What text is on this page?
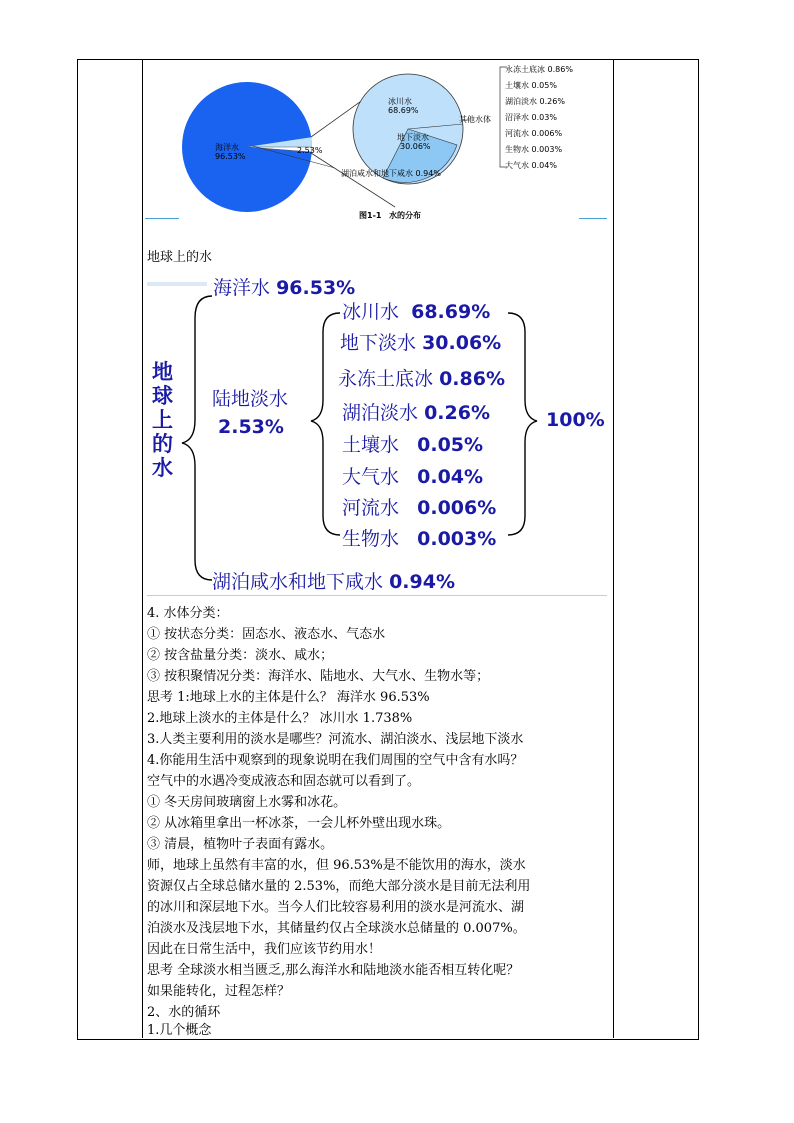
海洋水
96.53%
2.53%
湖泊咸水和地下咸水 0.94%
冰川水
68.69%
地下淡水
30.06%
其他水体
永冻土底冰 0.86%
土壤水 0.05%
湖泊淡水 0.26%
沼泽水 0.03%
河流水 0.006%
生物水 0.003%
大气水 0.04%
图1-1 水的分布
地球上的水
地
球
上
的
水
海洋水 96.53%
陆地淡水
2.53%
冰川水 68.69%
地下淡水 30.06%
永冻土底冰 0.86%
湖泊淡水 0.26%
土壤水 0.05%
大气水 0.04%
河流水 0.006%
生物水 0.003%
100%
湖泊咸水和地下咸水 0.94%
4. 水体分类：
① 按状态分类：固态水、液态水、气态水
② 按含盐量分类：淡水、咸水；
③ 按积聚情况分类：海洋水、陆地水、大气水、生物水等；
思考 1:地球上水的主体是什么？ 海洋水 96.53%
2.地球上淡水的主体是什么？ 冰川水 1.738%
3.人类主要利用的淡水是哪些？河流水、湖泊淡水、浅层地下淡水
4.你能用生活中观察到的现象说明在我们周围的空气中含有水吗？
空气中的水遇冷变成液态和固态就可以看到了。
① 冬天房间玻璃窗上水雾和冰花。
② 从冰箱里拿出一杯冰茶，一会儿杯外壁出现水珠。
③ 清晨，植物叶子表面有露水。
师，地球上虽然有丰富的水，但 96.53%是不能饮用的海水，淡水
资源仅占全球总储水量的 2.53%，而绝大部分淡水是目前无法利用
的冰川和深层地下水。当今人们比较容易利用的淡水是河流水、湖
泊淡水及浅层地下水，其储量约仅占全球淡水总储量的 0.007%。
因此在日常生活中，我们应该节约用水！
思考 全球淡水相当匮乏,那么海洋水和陆地淡水能否相互转化呢？
如果能转化，过程怎样？
2、水的循环
1.几个概念
